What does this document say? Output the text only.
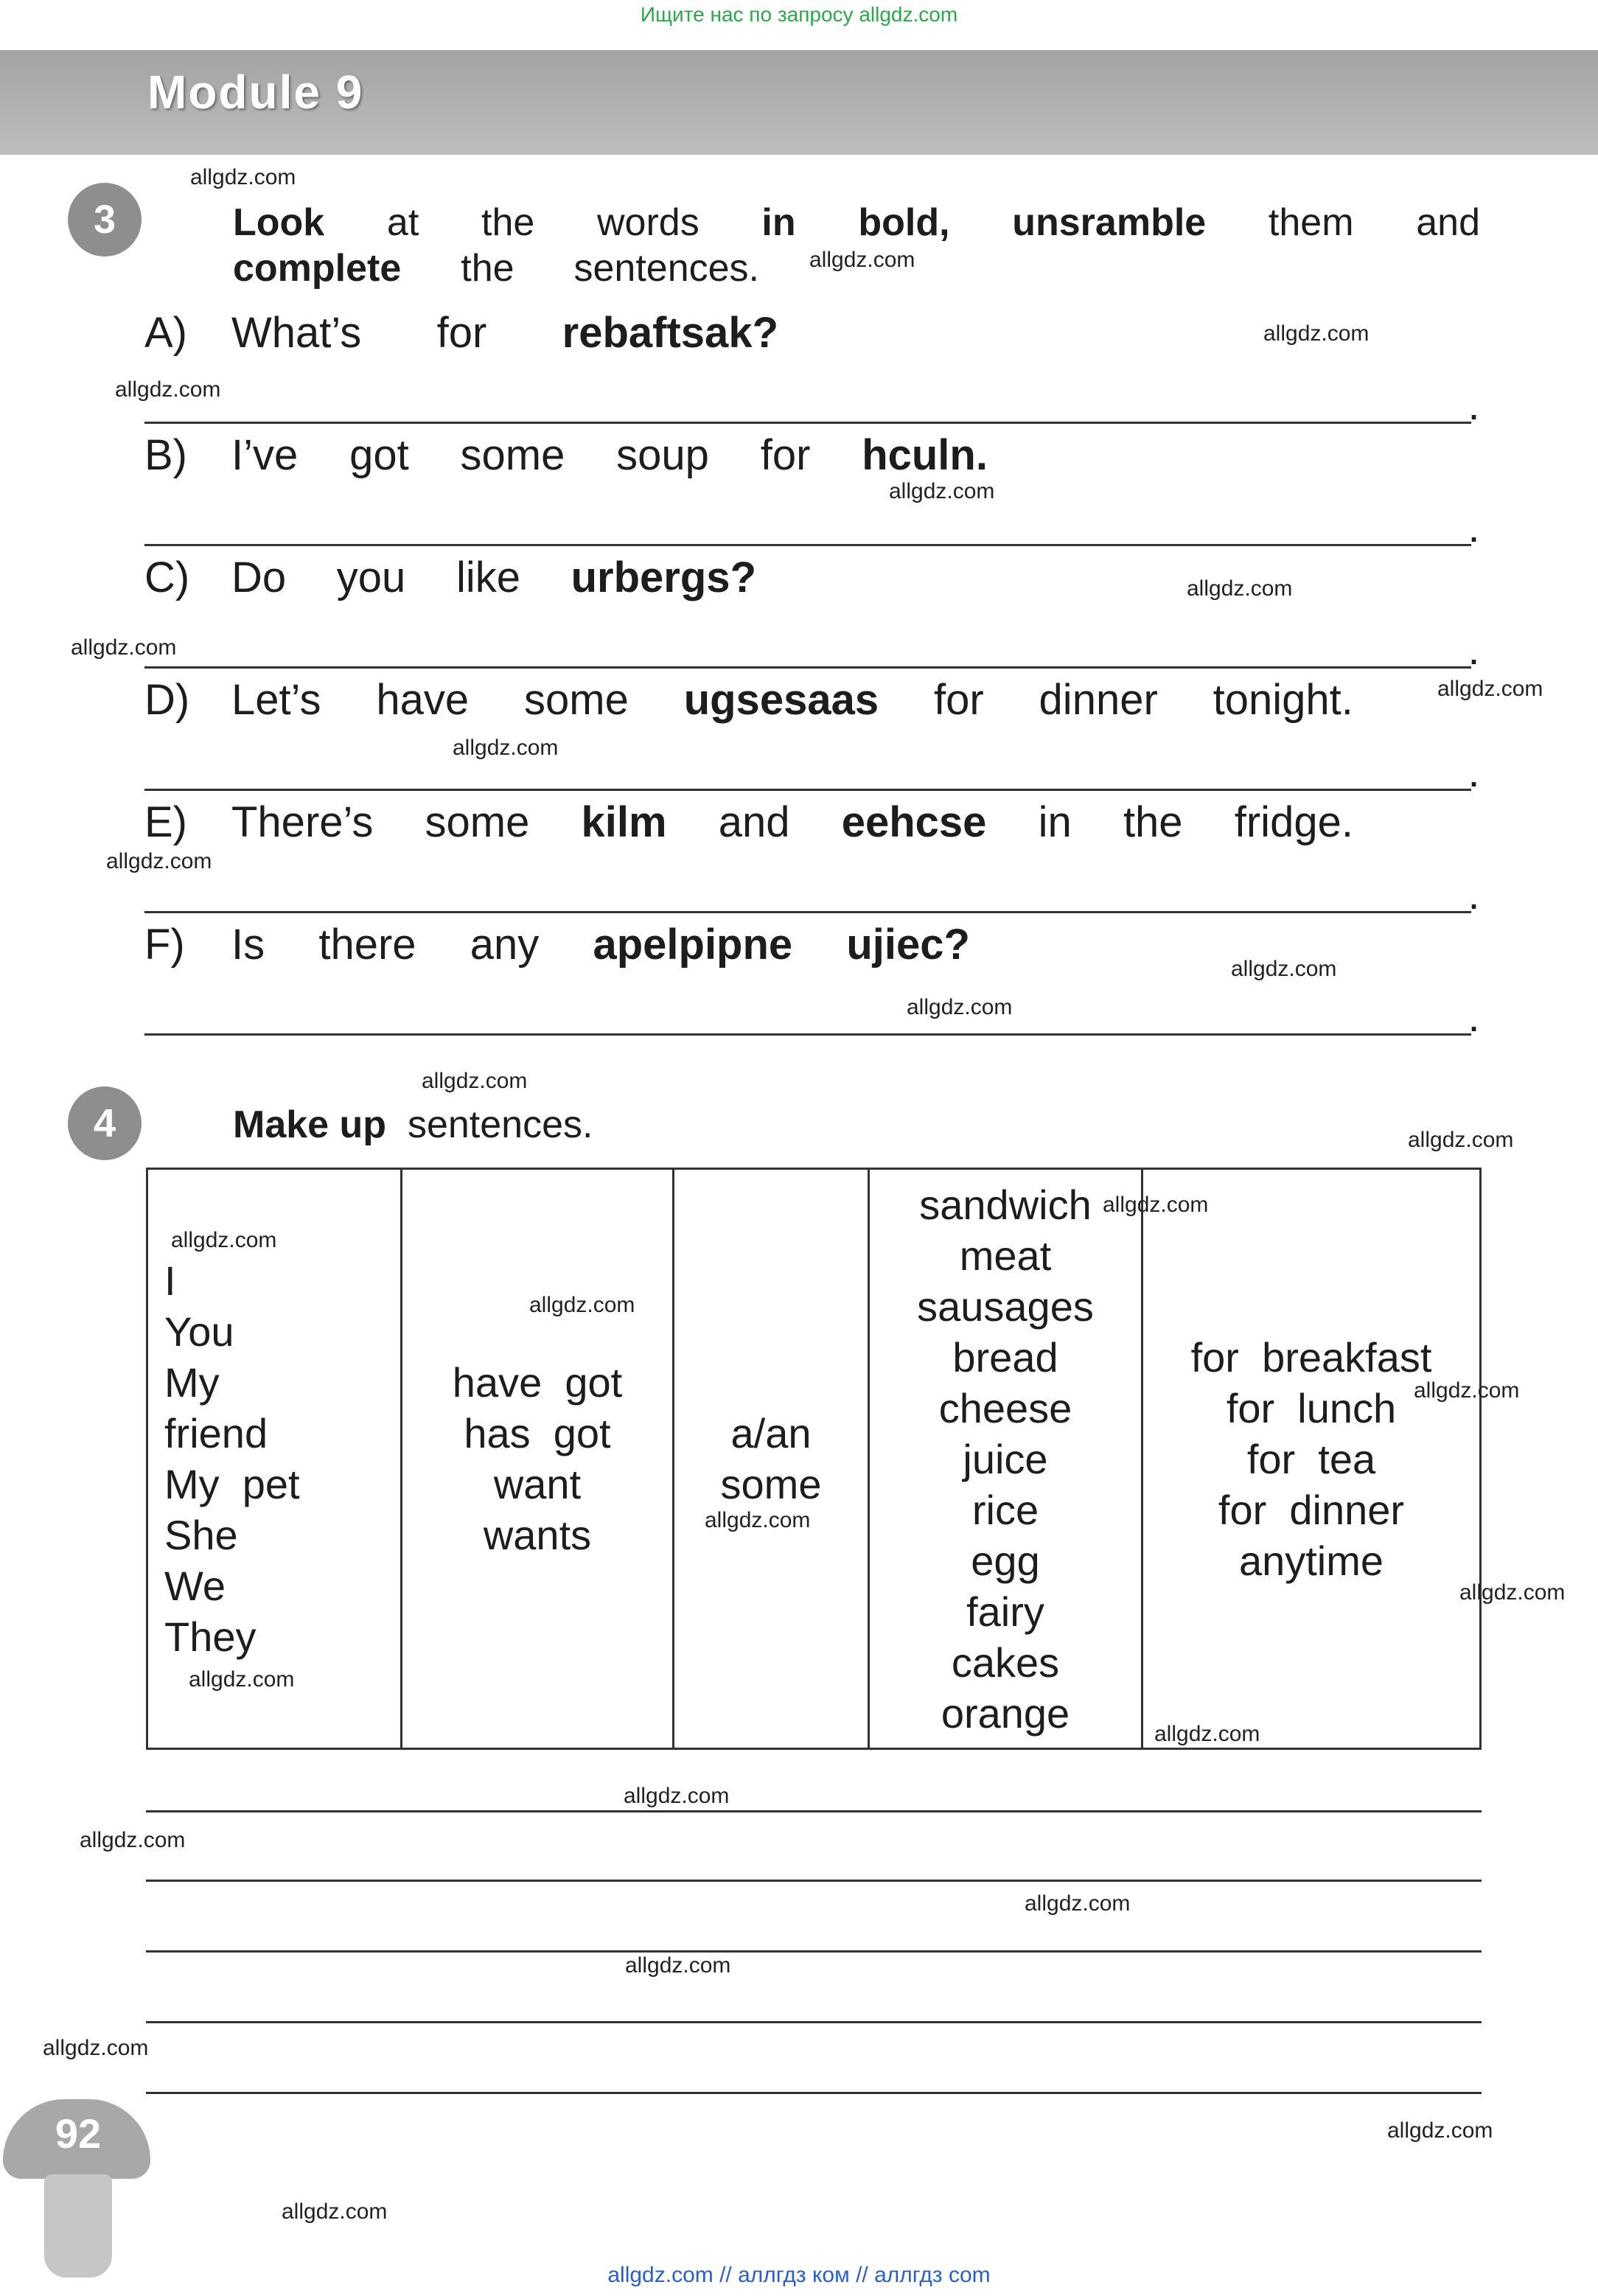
Ищите нас по запросу allgdz.com
Module 9
3	Look at the words in bold, unsramble them and
complete the sentences.
A)	What’s for rebaftsak?
.
B)	I’ve got some soup for hculn.
.
C) Do you like urbergs?
.
D) Let’s have some ugsesaas for dinner tonight.
.
E)	There’s some kilm and eehcse in the fridge.
.
F)	Is there any apelpipne ujiec?
.
4	Make up sentences.
I
You
My
friend
My  pet
She
We
They

have  got
has  got
want
wants

a/an
some

sandwich
meat
sausages
bread
cheese
juice
rice
egg
fairy
cakes
orange

for  breakfast
for  lunch
for  tea
for  dinner
anytime
92
allgdz.com
allgdz.com
allgdz.com
allgdz.com
allgdz.com
allgdz.com
allgdz.com
allgdz.com
allgdz.com
allgdz.com
allgdz.com
allgdz.com
allgdz.com
allgdz.com
allgdz.com
allgdz.com
allgdz.com
allgdz.com
allgdz.com
allgdz.com
allgdz.com
allgdz.com
allgdz.com
allgdz.com
allgdz.com
allgdz.com
allgdz.com
allgdz.com
allgdz.com
allgdz.com // аллгдз ком // аллгдз com
